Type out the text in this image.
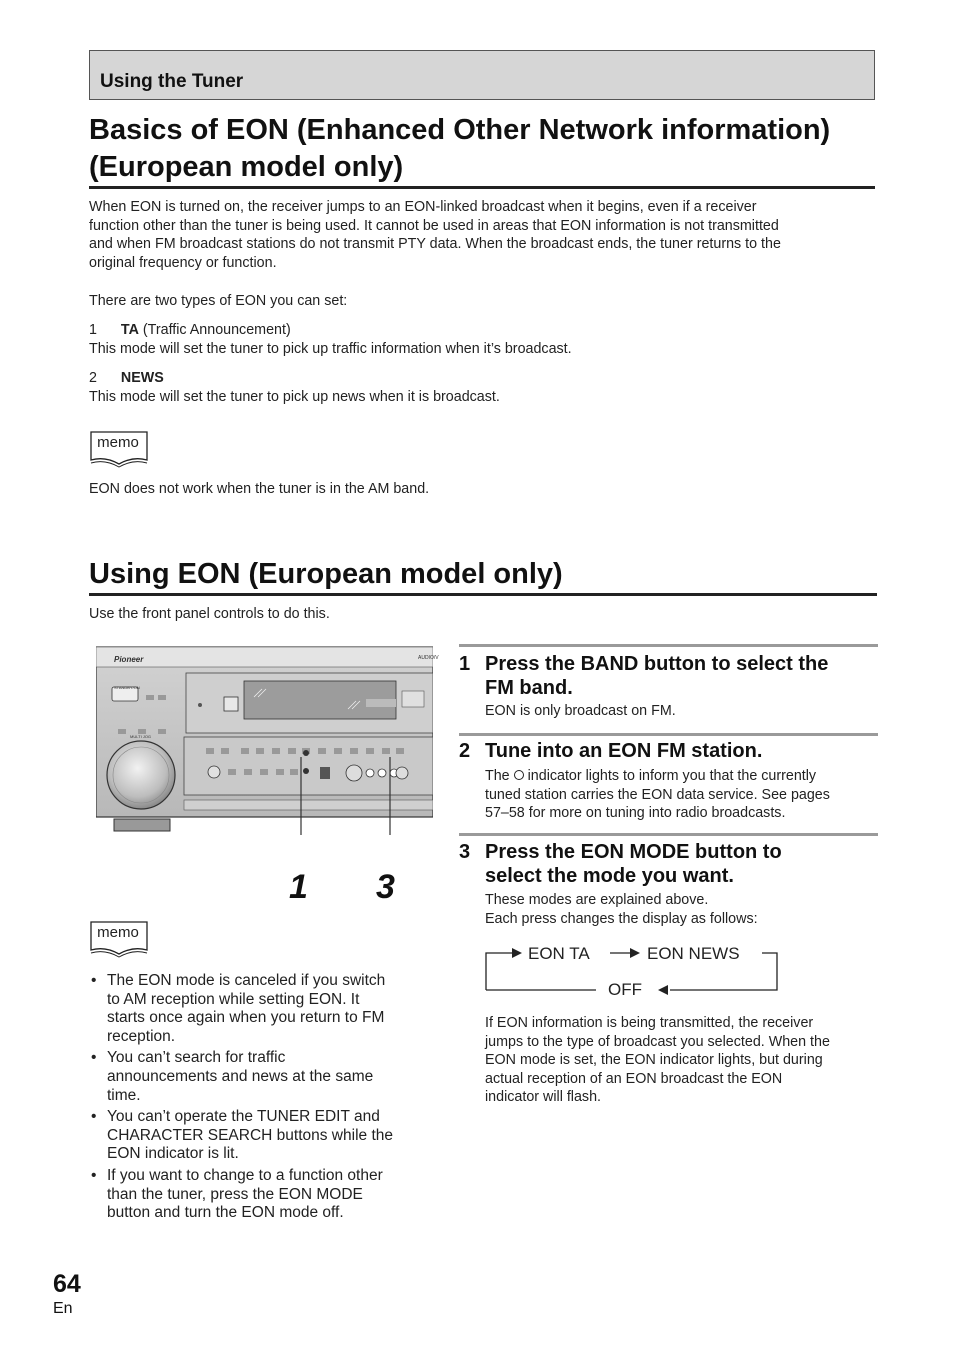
Using the Tuner
Basics of EON (Enhanced Other Network information)
(European model only)
When EON is turned on, the receiver jumps to an EON-linked broadcast when it begins, even if a receiver
function other than the tuner is being used. It cannot be used in areas that EON information is not transmitted
and when FM broadcast stations do not transmit PTY data. When the broadcast ends, the tuner returns to the
original frequency or function.
There are two types of EON you can set:
1 TA (Traffic Announcement)
This mode will set the tuner to pick up traffic information when it’s broadcast.
2 NEWS
This mode will set the tuner to pick up news when it is broadcast.
memo
EON does not work when the tuner is in the AM band.
Using EON (European model only)
Use the front panel controls to do this.
Pioneer	AUDIO/V
STANDBY/ON
MULTI JOG
1 3
memo
• The EON mode is canceled if you switch
to AM reception while setting EON. It
starts once again when you return to FM
reception.
• You can’t search for traffic
announcements and news at the same
time.
• You can’t operate the TUNER EDIT and
CHARACTER SEARCH buttons while the
EON indicator is lit.
• If you want to change to a function other
than the tuner, press the EON MODE
button and turn the EON mode off.
1 Press the BAND button to select the
FM band.
EON is only broadcast on FM.
2 Tune into an EON FM station.
The indicator lights to inform you that the currently
tuned station carries the EON data service. See pages
57–58 for more on tuning into radio broadcasts.
3 Press the EON MODE button to
select the mode you want.
These modes are explained above.
Each press changes the display as follows:
EON TA	EON NEWS
OFF
If EON information is being transmitted, the receiver
jumps to the type of broadcast you selected. When the
EON mode is set, the EON indicator lights, but during
actual reception of an EON broadcast the EON
indicator will flash.
64
En
